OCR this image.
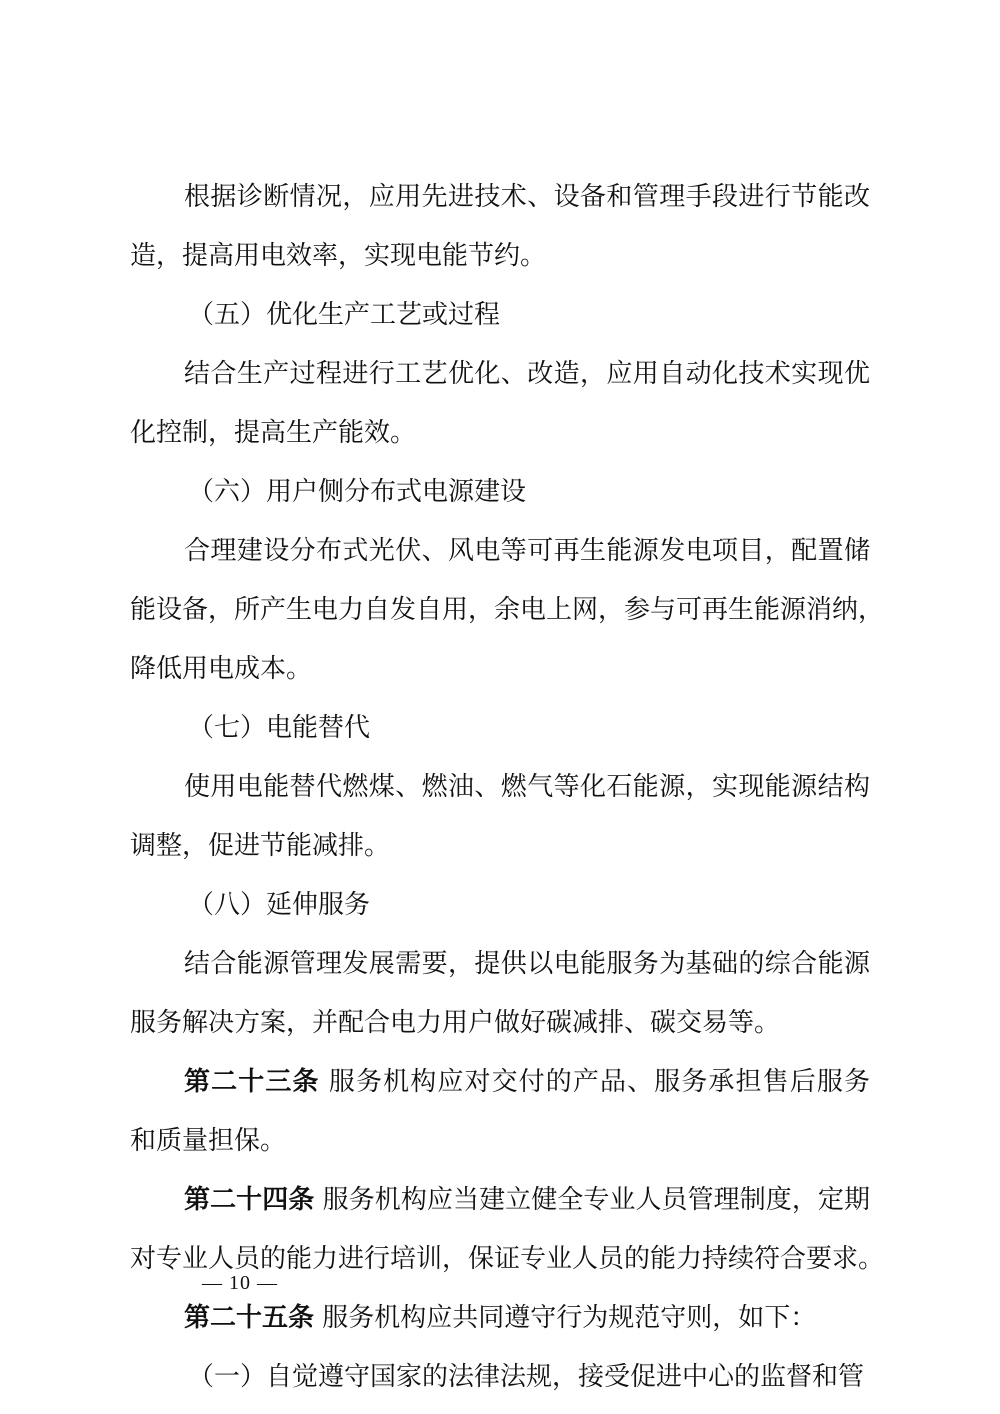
根据诊断情况，应用先进技术、设备和管理手段进行节能改
造，提高用电效率，实现电能节约。
（五）优化生产工艺或过程
结合生产过程进行工艺优化、改造，应用自动化技术实现优
化控制，提高生产能效。
（六）用户侧分布式电源建设
合理建设分布式光伏、风电等可再生能源发电项目，配置储
能设备，所产生电力自发自用，余电上网，参与可再生能源消纳，
降低用电成本。
（七）电能替代
使用电能替代燃煤、燃油、燃气等化石能源，实现能源结构
调整，促进节能减排。
（八）延伸服务
结合能源管理发展需要，提供以电能服务为基础的综合能源
服务解决方案，并配合电力用户做好碳减排、碳交易等。
第二十三条 服务机构应对交付的产品、服务承担售后服务
和质量担保。
第二十四条 服务机构应当建立健全专业人员管理制度，定期
对专业人员的能力进行培训，保证专业人员的能力持续符合要求。
第二十五条 服务机构应共同遵守行为规范守则，如下：
（一）自觉遵守国家的法律法规，接受促进中心的监督和管
— 10 —
